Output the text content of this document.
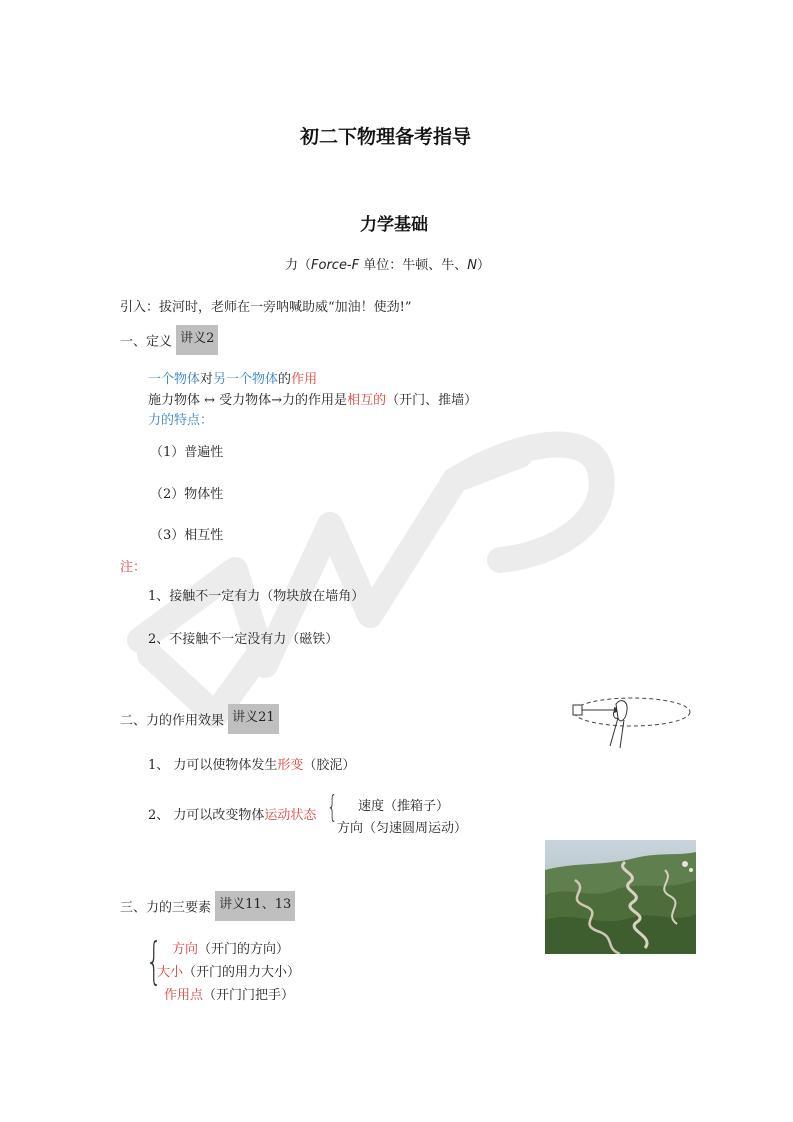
初二下物理备考指导
力学基础
力（Force-F 单位：牛顿、牛、N）
引入：拔河时，老师在一旁呐喊助威“加油！使劲!”
一、定义 讲义2
一个物体对另一个物体的作用
施力物体 ↔ 受力物体→力的作用是相互的（开门、推墙）
力的特点：
（1）普遍性
（2）物体性
（3）相互性
注：
1、接触不一定有力（物块放在墙角）
2、不接触不一定没有力（磁铁）
二、力的作用效果 讲义21
1、 力可以使物体发生形变（胶泥）
2、 力可以改变物体运动状态 { 速度（推箱子）
方向（匀速圆周运动）
三、力的三要素 讲义11、13
{ 方向（开门的方向）
大小（开门的用力大小）
作用点（开门门把手）
